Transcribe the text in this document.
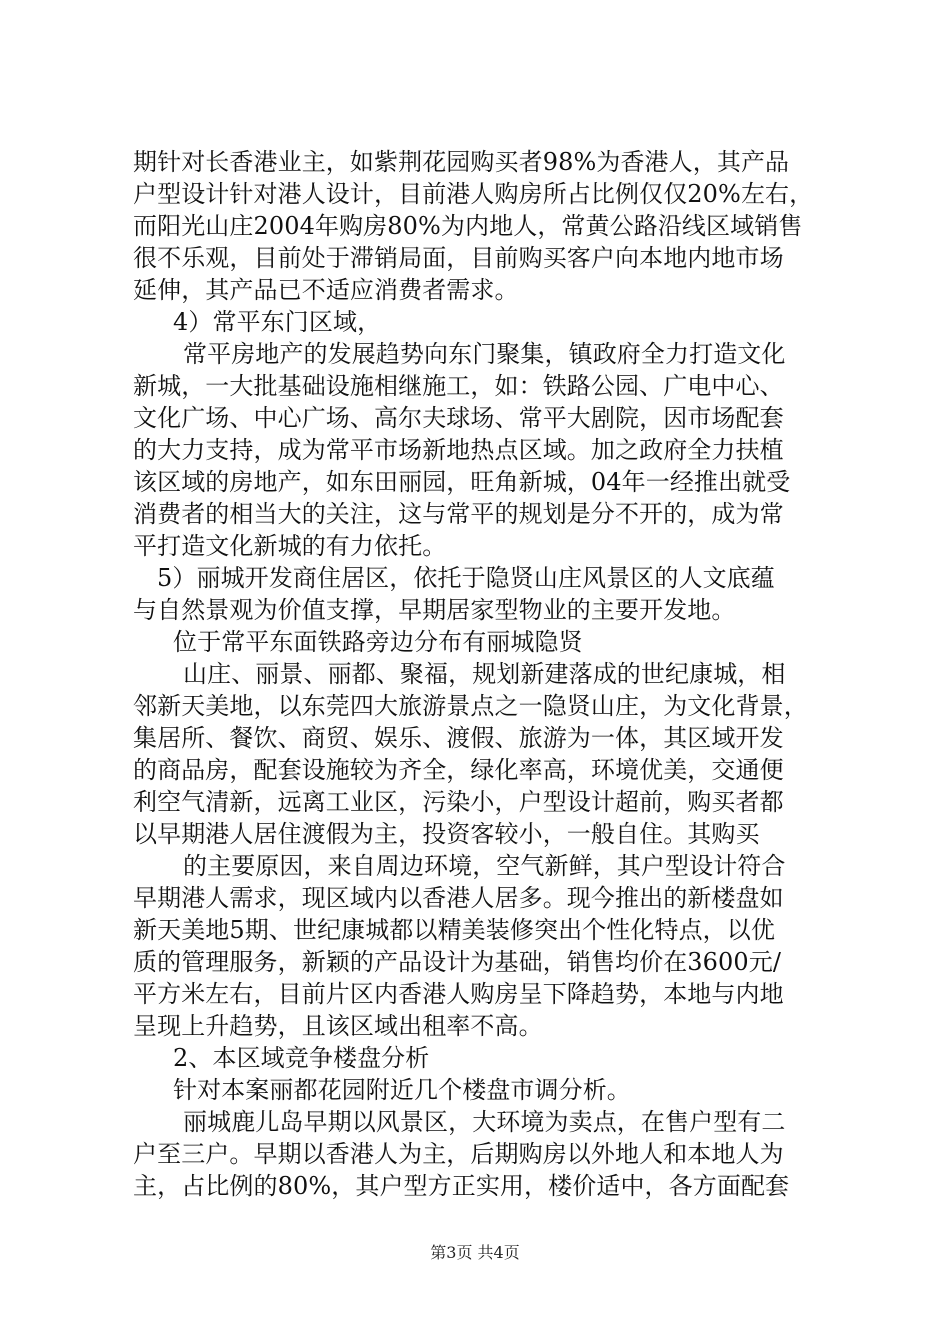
期针对长香港业主，如紫荆花园购买者98%为香港人，其产品
户型设计针对港人设计，目前港人购房所占比例仅仅20%左右，
而阳光山庄2004年购房80%为内地人，常黄公路沿线区域销售
很不乐观，目前处于滞销局面，目前购买客户向本地内地市场
延伸，其产品已不适应消费者需求。
4）常平东门区域，
常平房地产的发展趋势向东门聚集，镇政府全力打造文化
新城，一大批基础设施相继施工，如：铁路公园、广电中心、
文化广场、中心广场、高尔夫球场、常平大剧院，因市场配套
的大力支持，成为常平市场新地热点区域。加之政府全力扶植
该区域的房地产，如东田丽园，旺角新城，04年一经推出就受
消费者的相当大的关注，这与常平的规划是分不开的，成为常
平打造文化新城的有力依托。
5）丽城开发商住居区，依托于隐贤山庄风景区的人文底蕴
与自然景观为价值支撑，早期居家型物业的主要开发地。
位于常平东面铁路旁边分布有丽城隐贤
山庄、丽景、丽都、聚福，规划新建落成的世纪康城，相
邻新天美地，以东莞四大旅游景点之一隐贤山庄，为文化背景，
集居所、餐饮、商贸、娱乐、渡假、旅游为一体，其区域开发
的商品房，配套设施较为齐全，绿化率高，环境优美，交通便
利空气清新，远离工业区，污染小，户型设计超前，购买者都
以早期港人居住渡假为主，投资客较小，一般自住。其购买
的主要原因，来自周边环境，空气新鲜，其户型设计符合
早期港人需求，现区域内以香港人居多。现今推出的新楼盘如
新天美地5期、世纪康城都以精美装修突出个性化特点，以优
质的管理服务，新颖的产品设计为基础，销售均价在3600元/
平方米左右，目前片区内香港人购房呈下降趋势，本地与内地
呈现上升趋势，且该区域出租率不高。
2、本区域竞争楼盘分析
针对本案丽都花园附近几个楼盘市调分析。
丽城鹿儿岛早期以风景区，大环境为卖点，在售户型有二
户至三户。早期以香港人为主，后期购房以外地人和本地人为
主，占比例的80%，其户型方正实用，楼价适中，各方面配套
第3页 共4页
